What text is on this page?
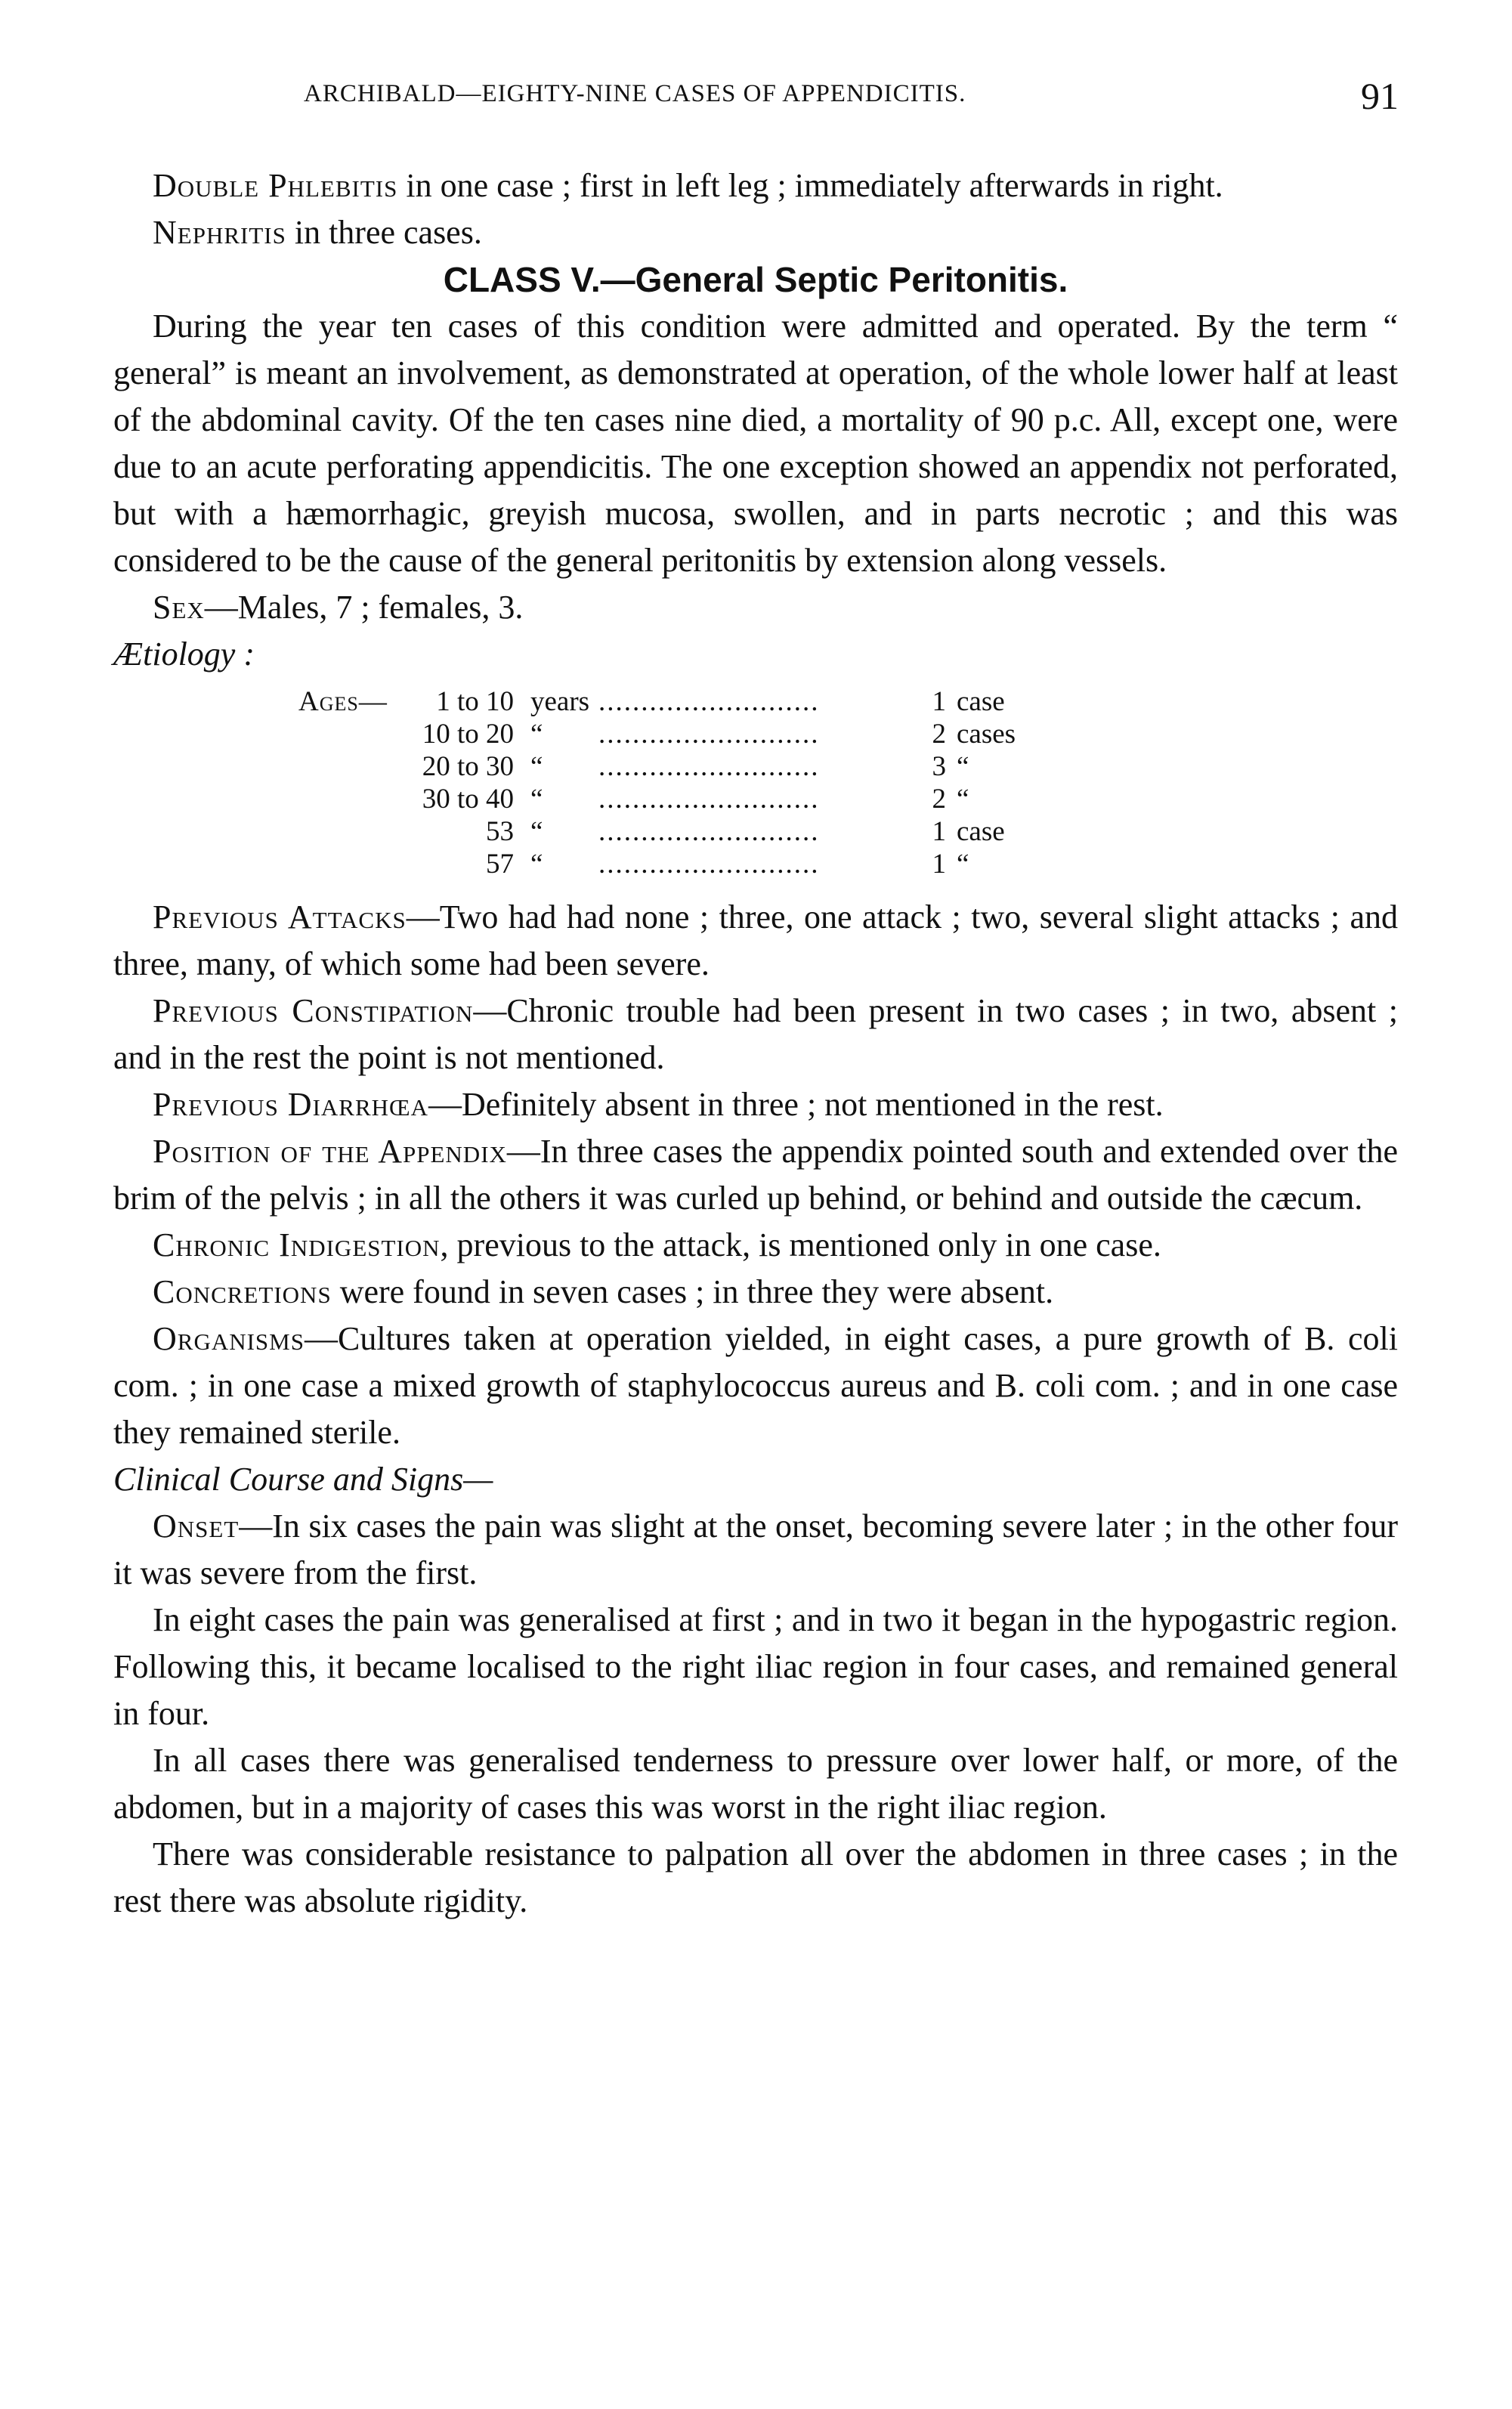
ARCHIBALD—EIGHTY-NINE CASES OF APPENDICITIS.	91

Double Phlebitis in one case ; first in left leg ; immediately afterwards in right.

Nephritis in three cases.

CLASS V.—General Septic Peritonitis.

During the year ten cases of this condition were admitted and operated. By the term “ general” is meant an involvement, as demonstrated at operation, of the whole lower half at least of the abdominal cavity. Of the ten cases nine died, a mortality of 90 p.c. All, except one, were due to an acute perforating appendicitis. The one exception showed an appendix not perforated, but with a hæmorrhagic, greyish mucosa, swollen, and in parts necrotic ; and this was considered to be the cause of the general peritonitis by extension along vessels.

Sex—Males, 7 ; females, 3.

Ætiology :

Ages—	1 to 10	years	..........................	1	case
	10 to 20	“	..........................	2	cases
	20 to 30	“	..........................	3	“
	30 to 40	“	..........................	2	“
	53	“	..........................	1	case
	57	“	..........................	1	“

Previous Attacks—Two had had none ; three, one attack ; two, several slight attacks ; and three, many, of which some had been severe.

Previous Constipation—Chronic trouble had been present in two cases ; in two, absent ; and in the rest the point is not mentioned.

Previous Diarrhœa—Definitely absent in three ; not mentioned in the rest.

Position of the Appendix—In three cases the appendix pointed south and extended over the brim of the pelvis ; in all the others it was curled up behind, or behind and outside the cæcum.

Chronic Indigestion, previous to the attack, is mentioned only in one case.

Concretions were found in seven cases ; in three they were absent.

Organisms—Cultures taken at operation yielded, in eight cases, a pure growth of B. coli com. ; in one case a mixed growth of staphylococcus aureus and B. coli com. ; and in one case they remained sterile.

Clinical Course and Signs—

Onset—In six cases the pain was slight at the onset, becoming severe later ; in the other four it was severe from the first.

In eight cases the pain was generalised at first ; and in two it began in the hypogastric region. Following this, it became localised to the right iliac region in four cases, and remained general in four.

In all cases there was generalised tenderness to pressure over lower half, or more, of the abdomen, but in a majority of cases this was worst in the right iliac region.

There was considerable resistance to palpation all over the abdomen in three cases ; in the rest there was absolute rigidity.
